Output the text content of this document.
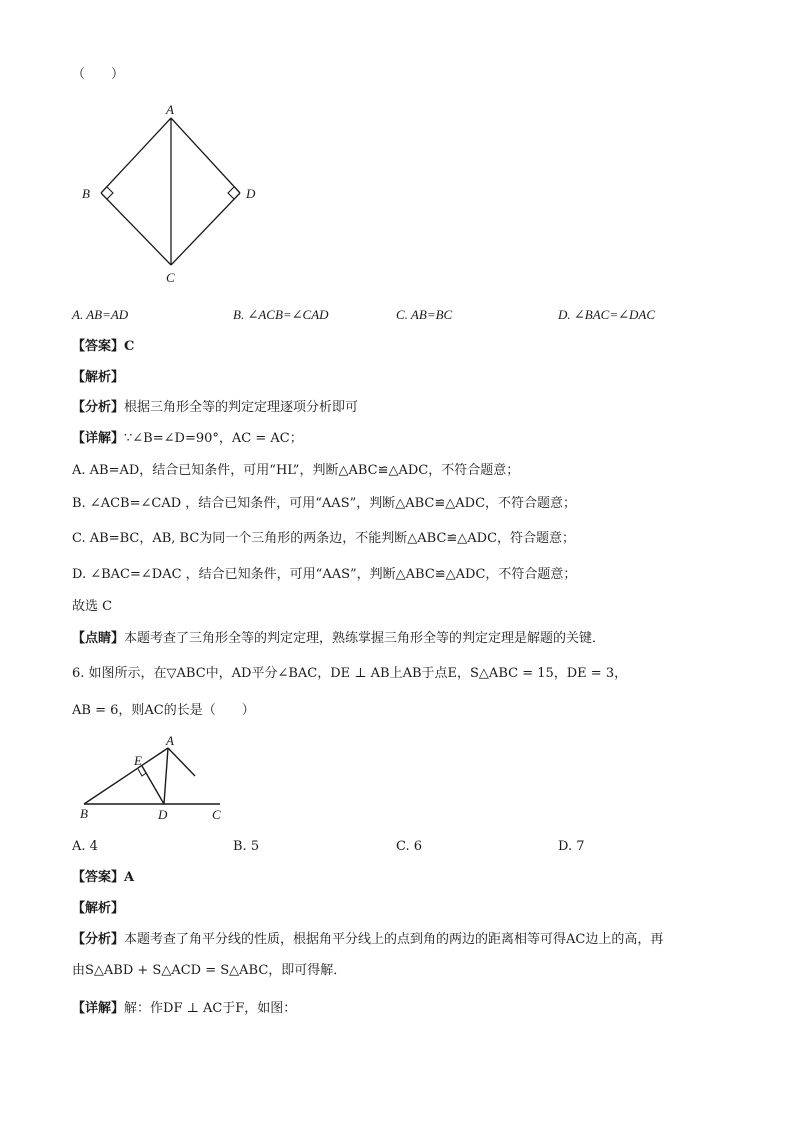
（　　）
A
B	D
C
A. AB=AD	B. ∠ACB=∠CAD	C. AB=BC	D. ∠BAC=∠DAC
【答案】C
【解析】
【分析】根据三角形全等的判定定理逐项分析即可
【详解】∵∠B=∠D=90°，AC = AC；
A. AB=AD，结合已知条件，可用“HL”，判断△ABC≌△ADC，不符合题意；
B. ∠ACB=∠CAD ，结合已知条件，可用“AAS”，判断△ABC≌△ADC，不符合题意；
C. AB=BC，AB, BC为同一个三角形的两条边，不能判断△ABC≌△ADC，符合题意；
D. ∠BAC=∠DAC ，结合已知条件，可用“AAS”，判断△ABC≌△ADC，不符合题意；
故选 C
【点睛】本题考查了三角形全等的判定定理，熟练掌握三角形全等的判定定理是解题的关键．
6. 如图所示，在▽ABC中，AD平分∠BAC，DE ⊥ AB上AB于点E，S△ABC = 15，DE = 3，
AB = 6，则AC的长是（　　）
A
E
B	D	C
A. 4	B. 5	C. 6	D. 7
【答案】A
【解析】
【分析】本题考查了角平分线的性质，根据角平分线上的点到角的两边的距离相等可得AC边上的高，再
由S△ABD + S△ACD = S△ABC，即可得解．
【详解】解：作DF ⊥ AC于F，如图：
